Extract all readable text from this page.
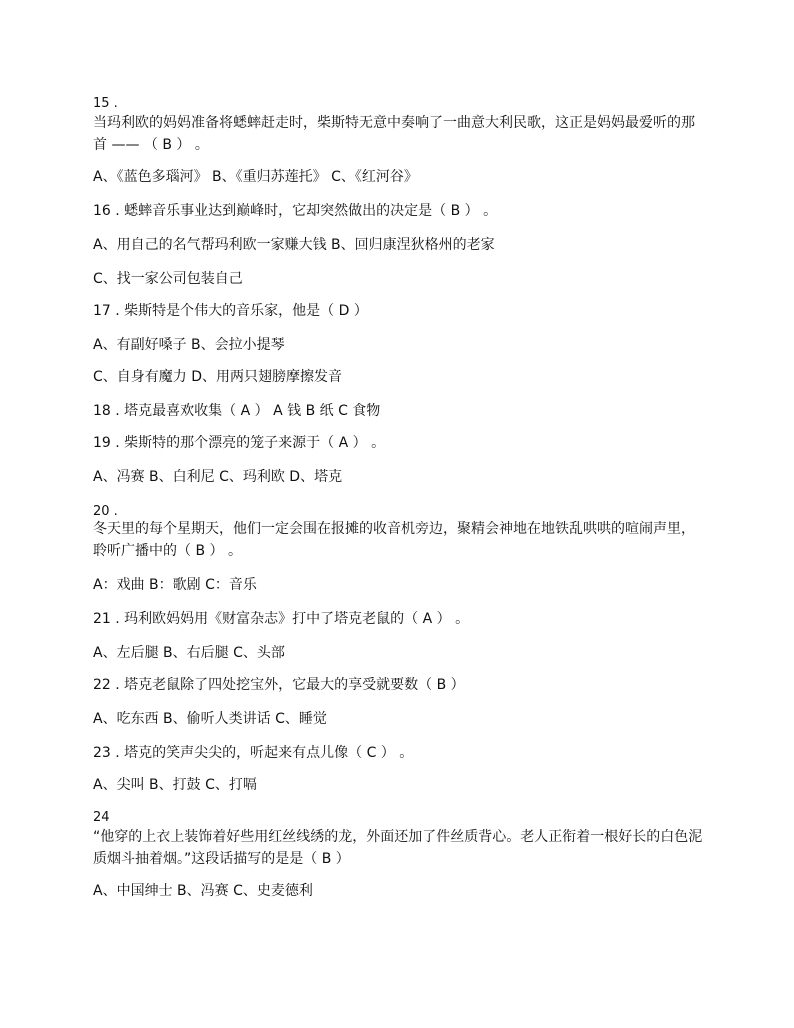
15 .
当玛利欧的妈妈准备将蟋蟀赶走时，柴斯特无意中奏响了一曲意大利民歌，这正是妈妈最爱听的那首 —— （ B ） 。
A、《蓝色多瑙河》 B、《重归苏莲托》 C、《红河谷》
16 . 蟋蟀音乐事业达到巅峰时，它却突然做出的决定是（ B ） 。
A、用自己的名气帮玛利欧一家赚大钱 B、回归康涅狄格州的老家
C、找一家公司包装自己
17 . 柴斯特是个伟大的音乐家，他是（ D ）
A、有副好嗓子 B、会拉小提琴
C、自身有魔力 D、用两只翅膀摩擦发音
18 . 塔克最喜欢收集（ A ） A 钱 B 纸 C 食物
19 . 柴斯特的那个漂亮的笼子来源于（ A ） 。
A、冯赛 B、白利尼 C、玛利欧 D、塔克
20 .
冬天里的每个星期天，他们一定会围在报摊的收音机旁边，聚精会神地在地铁乱哄哄的喧闹声里，聆听广播中的（ B ） 。
A：戏曲 B：歌剧 C：音乐
21 . 玛利欧妈妈用《财富杂志》打中了塔克老鼠的（ A ） 。
A、左后腿 B、右后腿 C、头部
22 . 塔克老鼠除了四处挖宝外，它最大的享受就要数（ B ）
A、吃东西 B、偷听人类讲话 C、睡觉
23 . 塔克的笑声尖尖的，听起来有点儿像（ C ） 。
A、尖叫 B、打鼓 C、打嗝
24
“他穿的上衣上装饰着好些用红丝线绣的龙，外面还加了件丝质背心。老人正衔着一根好长的白色泥质烟斗抽着烟。”这段话描写的是是（ B ）
A、中国绅士 B、冯赛 C、史麦德利
